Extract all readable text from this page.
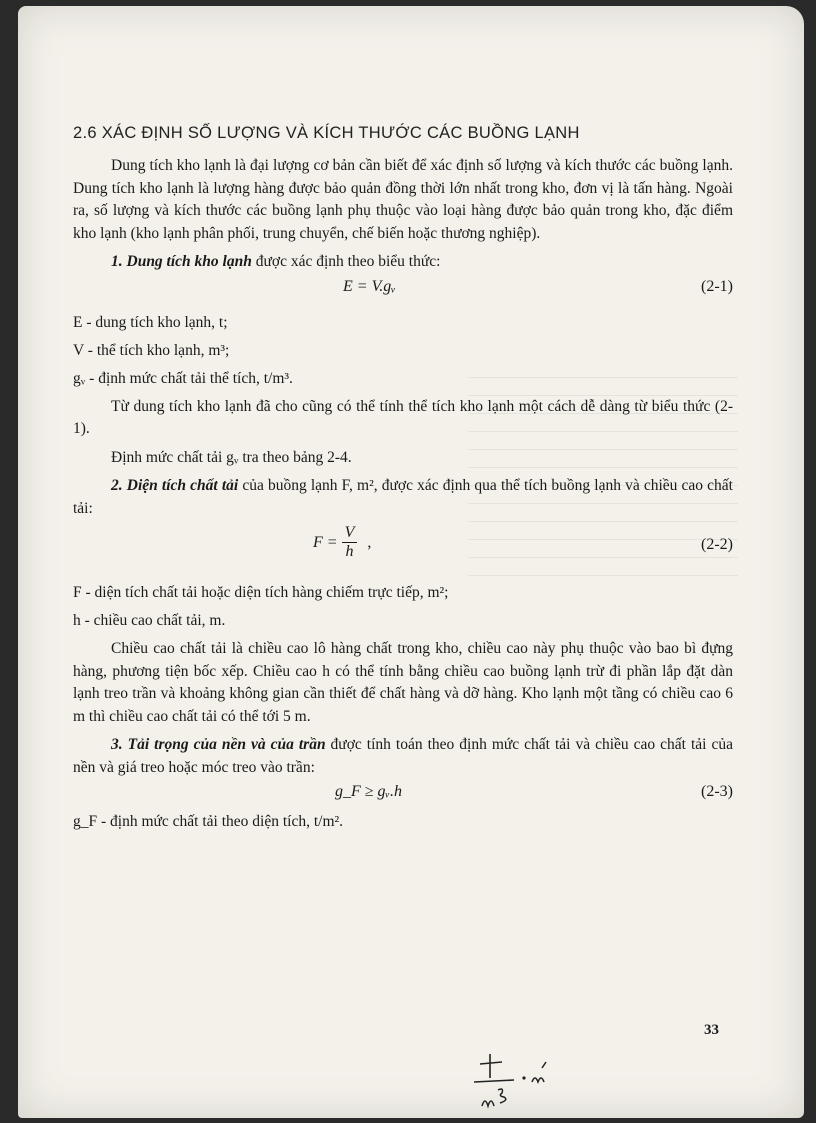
2.6 XÁC ĐỊNH SỐ LƯỢNG VÀ KÍCH THƯỚC CÁC BUỒNG LẠNH

Dung tích kho lạnh là đại lượng cơ bản cần biết để xác định số lượng và kích thước các buồng lạnh. Dung tích kho lạnh là lượng hàng được bảo quản đồng thời lớn nhất trong kho, đơn vị là tấn hàng. Ngoài ra, số lượng và kích thước các buồng lạnh phụ thuộc vào loại hàng được bảo quản trong kho, đặc điểm kho lạnh (kho lạnh phân phối, trung chuyển, chế biến hoặc thương nghiệp).

1. Dung tích kho lạnh được xác định theo biểu thức:

E = V.gᵥ	(2-1)

E - dung tích kho lạnh, t;

V - thể tích kho lạnh, m³;

gᵥ - định mức chất tải thể tích, t/m³.

Từ dung tích kho lạnh đã cho cũng có thể tính thể tích kho lạnh một cách dễ dàng từ biểu thức (2-1).

Định mức chất tải gᵥ tra theo bảng 2-4.

2. Diện tích chất tải của buồng lạnh F, m², được xác định qua thể tích buồng lạnh và chiều cao chất tải:

$F = \frac{V}{h}$ ,	(2-2)

F - diện tích chất tải hoặc diện tích hàng chiếm trực tiếp, m²;

h - chiều cao chất tải, m.

Chiều cao chất tải là chiều cao lô hàng chất trong kho, chiều cao này phụ thuộc vào bao bì đựng hàng, phương tiện bốc xếp. Chiều cao h có thể tính bằng chiều cao buồng lạnh trừ đi phần lắp đặt dàn lạnh treo trần và khoảng không gian cần thiết để chất hàng và dỡ hàng. Kho lạnh một tầng có chiều cao 6 m thì chiều cao chất tải có thể tới 5 m.

3. Tải trọng của nền và của trần được tính toán theo định mức chất tải và chiều cao chất tải của nền và giá treo hoặc móc treo vào trần:

g_F ≥ gᵥ.h	(2-3)

g_F - định mức chất tải theo diện tích, t/m².

33
